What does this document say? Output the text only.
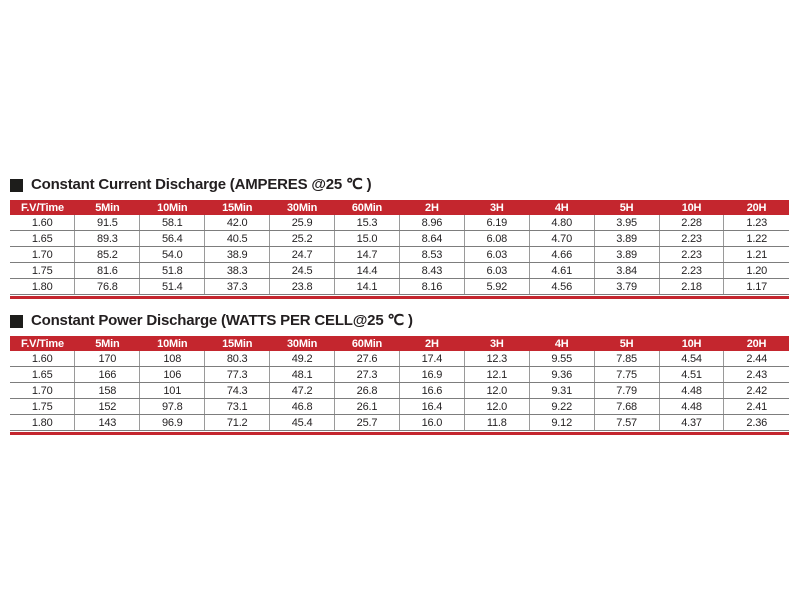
Constant Current Discharge (AMPERES @25 ℃ )
F.V/Time	5Min	10Min	15Min	30Min	60Min	2H	3H	4H	5H	10H	20H
1.60	91.5	58.1	42.0	25.9	15.3	8.96	6.19	4.80	3.95	2.28	1.23
1.65	89.3	56.4	40.5	25.2	15.0	8.64	6.08	4.70	3.89	2.23	1.22
1.70	85.2	54.0	38.9	24.7	14.7	8.53	6.03	4.66	3.89	2.23	1.21
1.75	81.6	51.8	38.3	24.5	14.4	8.43	6.03	4.61	3.84	2.23	1.20
1.80	76.8	51.4	37.3	23.8	14.1	8.16	5.92	4.56	3.79	2.18	1.17
Constant Power Discharge (WATTS PER CELL@25 ℃ )
F.V/Time	5Min	10Min	15Min	30Min	60Min	2H	3H	4H	5H	10H	20H
1.60	170	108	80.3	49.2	27.6	17.4	12.3	9.55	7.85	4.54	2.44
1.65	166	106	77.3	48.1	27.3	16.9	12.1	9.36	7.75	4.51	2.43
1.70	158	101	74.3	47.2	26.8	16.6	12.0	9.31	7.79	4.48	2.42
1.75	152	97.8	73.1	46.8	26.1	16.4	12.0	9.22	7.68	4.48	2.41
1.80	143	96.9	71.2	45.4	25.7	16.0	11.8	9.12	7.57	4.37	2.36
